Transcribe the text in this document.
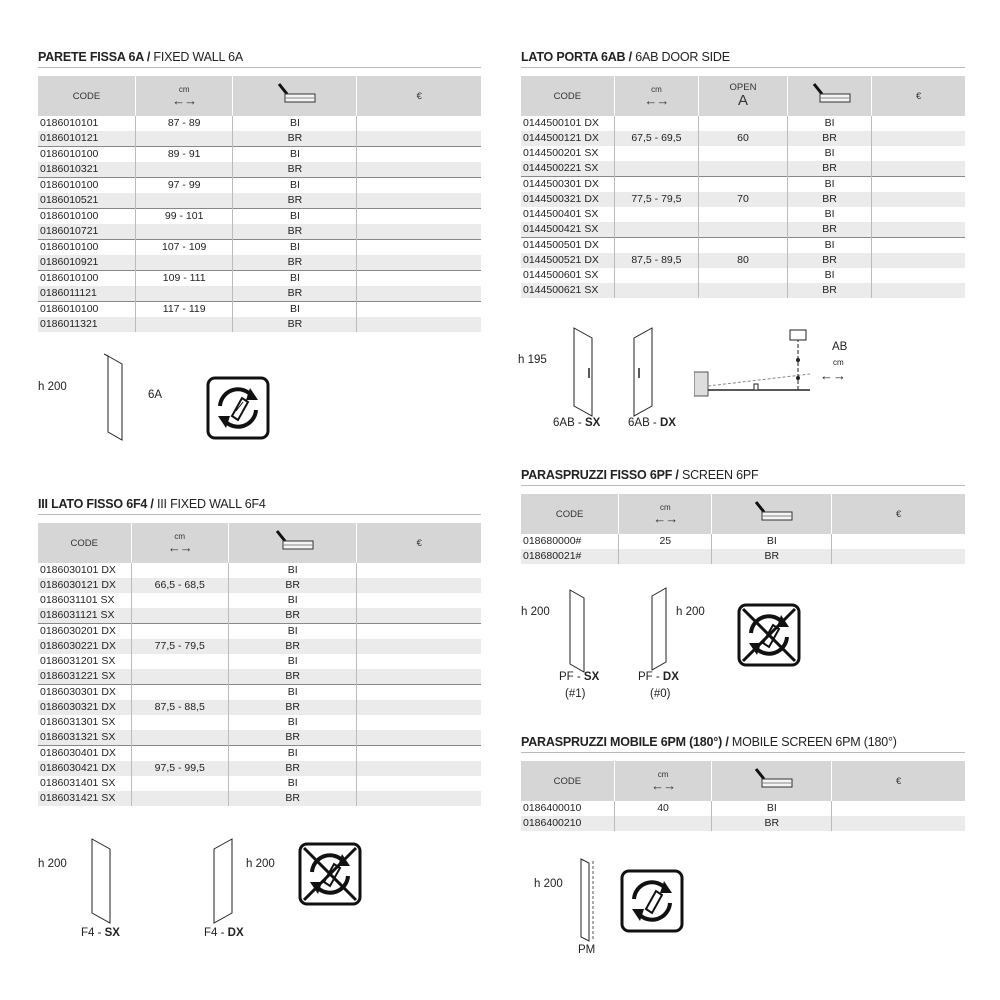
PARETE FISSA 6A / FIXED WALL 6A
CODE	cm
←→		€
0186010101	87 - 89	BI	
0186010121		BR	
0186010100	89 - 91	BI	
0186010321		BR	
0186010100	97 - 99	BI	
0186010521		BR	
0186010100	99 - 101	BI	
0186010721		BR	
0186010100	107 - 109	BI	
0186010921		BR	
0186010100	109 - 111	BI	
0186011121		BR	
0186010100	117 - 119	BI	
0186011321		BR	
h 200
6A
LATO PORTA 6AB / 6AB DOOR SIDE
CODE	cm
←→	OPEN
A		€
0144500101 DX			BI	
0144500121 DX	67,5 - 69,5	60	BR	
0144500201 SX			BI	
0144500221 SX			BR	
0144500301 DX			BI	
0144500321 DX	77,5 - 79,5	70	BR	
0144500401 SX			BI	
0144500421 SX			BR	
0144500501 DX			BI	
0144500521 DX	87,5 - 89,5	80	BR	
0144500601 SX			BI	
0144500621 SX			BR	
h 195
6AB - SX 6AB - DX
AB
cm
←→
III LATO FISSO 6F4 / III FIXED WALL 6F4
CODE	cm
←→		€
0186030101 DX		BI	
0186030121 DX	66,5 - 68,5	BR	
0186031101 SX		BI	
0186031121 SX		BR	
0186030201 DX		BI	
0186030221 DX	77,5 - 79,5	BR	
0186031201 SX		BI	
0186031221 SX		BR	
0186030301 DX		BI	
0186030321 DX	87,5 - 88,5	BR	
0186031301 SX		BI	
0186031321 SX		BR	
0186030401 DX		BI	
0186030421 DX	97,5 - 99,5	BR	
0186031401 SX		BI	
0186031421 SX		BR	
h 200
F4 - SX
h 200
F4 - DX
PARASPRUZZI FISSO 6PF / SCREEN 6PF
CODE	cm
←→		€
018680000#	25	BI	
018680021#		BR	
h 200
PF - SX
(#1)
h 200
PF - DX
(#0)
PARASPRUZZI MOBILE 6PM (180°) / MOBILE SCREEN 6PM (180°)
CODE	cm
←→		€
0186400010	40	BI	
0186400210		BR	
h 200
PM
